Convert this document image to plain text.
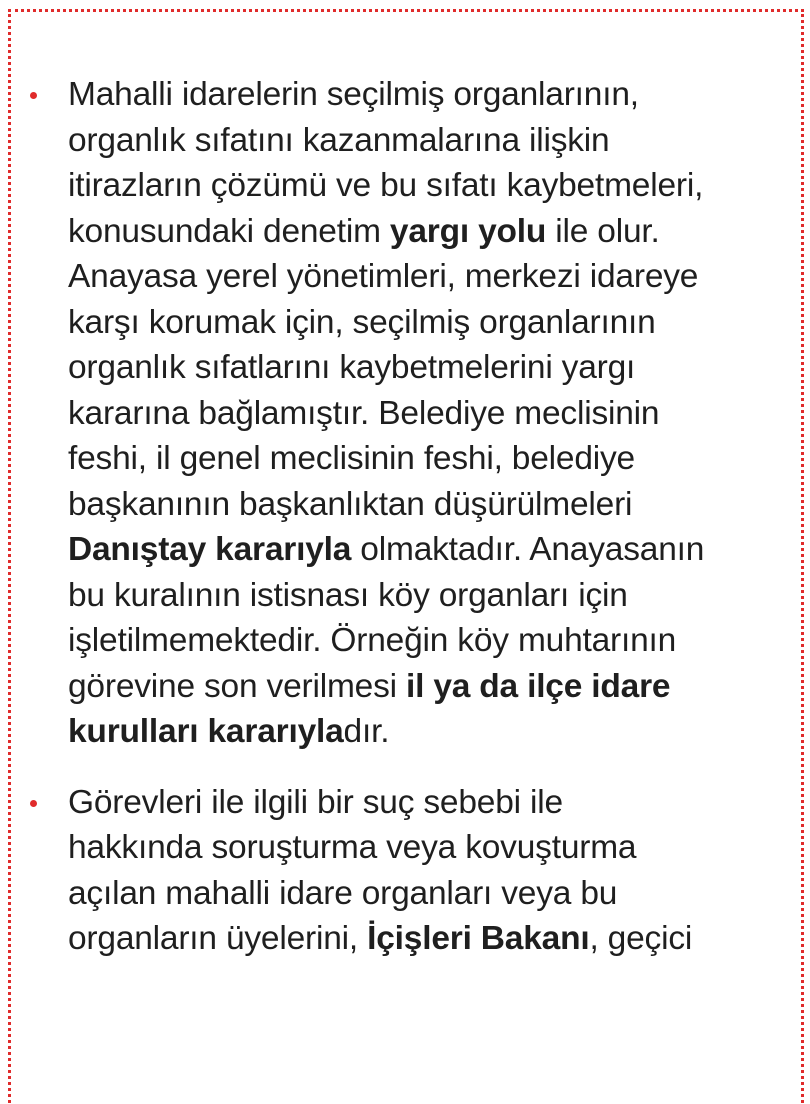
Mahalli idarelerin seçilmiş organlarının,
organlık sıfatını kazanmalarına ilişkin
itirazların çözümü ve bu sıfatı kaybetmeleri,
konusundaki denetim yargı yolu ile olur.
Anayasa yerel yönetimleri, merkezi idareye
karşı korumak için, seçilmiş organlarının
organlık sıfatlarını kaybetmelerini yargı
kararına bağlamıştır. Belediye meclisinin
feshi, il genel meclisinin feshi, belediye
başkanının başkanlıktan düşürülmeleri
Danıştay kararıyla olmaktadır. Anayasanın
bu kuralının istisnası köy organları için
işletilmemektedir. Örneğin köy muhtarının
görevine son verilmesi il ya da ilçe idare
kurulları kararıyladır.
Görevleri ile ilgili bir suç sebebi ile
hakkında soruşturma veya kovuşturma
açılan mahalli idare organları veya bu
organların üyelerini, İçişleri Bakanı, geçici
